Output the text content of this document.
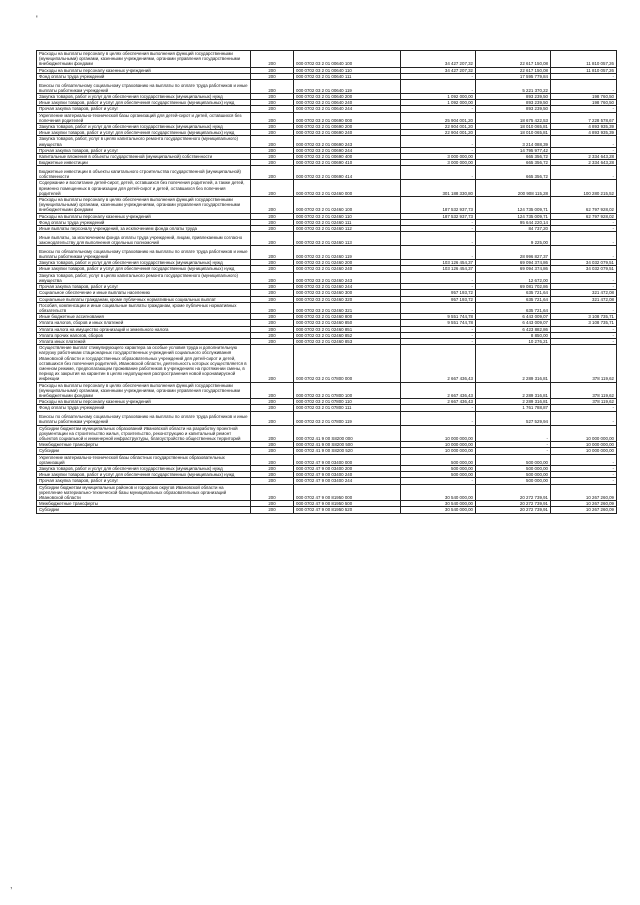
'
,
Расходы на выплаты персоналу в целях обеспечения выполнения функций государственными (муниципальными) органами, казенными учреждениями, органами управления государственными внебюджетными фондами	200	000 0702 03 2 01 00640 100	34 427 207,32	22 617 150,08	11 810 057,26
Расходы на выплаты персоналу казенных учреждений	200	000 0702 03 2 01 00640 110	34 427 207,32	22 617 150,08	11 810 057,26
Фонд оплаты труда учреждений	200	000 0702 03 2 01 00640 111	-	17 595 779,84	-
Взносы по обязательному социальному страхованию на выплаты по оплате труда работников и иные выплаты работникам учреждений	200	000 0702 03 2 01 00640 119	-	5 221 370,22	-
Закупка товаров, работ и услуг для обеспечения государственных (муниципальных) нужд	200	000 0702 03 2 01 00640 200	1 092 000,00	893 239,50	198 760,50
Иные закупки товаров, работ и услуг для обеспечения государственных (муниципальных) нужд	200	000 0702 03 2 01 00640 240	1 092 000,00	893 239,50	198 760,50
Прочая закупка товаров, работ и услуг	200	000 0702 03 2 01 00640 244	-	893 239,50	-
Укрепление материально-технической базы организаций для детей-сирот и детей, оставшихся без попечения родителей	200	000 0702 03 2 01 00690 000	25 904 001,20	18 675 422,53	7 228 578,67
Закупка товаров, работ и услуг для обеспечения государственных (муниципальных) нужд	200	000 0702 03 2 01 00690 200	22 904 001,20	18 010 065,81	4 893 935,39
Иные закупки товаров, работ и услуг для обеспечения государственных (муниципальных) нужд	200	000 0702 03 2 01 00690 240	22 904 001,20	18 010 065,81	4 893 935,39
Закупка товаров, работ, услуг в целях капитального ремонта государственного (муниципального) имущества	200	000 0702 03 2 01 00690 243	-	3 214 088,39	-
Прочая закупка товаров, работ и услуг	200	000 0702 03 2 01 00690 244	-	14 795 977,42	-
Капитальные вложения в объекты государственной (муниципальной) собственности	200	000 0702 03 2 01 00690 400	3 000 000,00	665 356,72	2 334 643,28
Бюджетные инвестиции	200	000 0702 03 2 01 00690 410	3 000 000,00	665 356,72	2 334 643,28
Бюджетные инвестиции в объекты капитального строительства государственной (муниципальной) собственности	200	000 0702 03 2 01 00690 414	-	665 356,72	-
Содержание и воспитание детей-сирот, детей, оставшихся без попечения родителей, а также детей, временно помещенных в организации для детей-сирот и детей, оставшихся без попечения родителей	200	000 0702 03 2 01 02460 000	301 188 330,80	200 908 115,28	100 280 215,52
Расходы на выплаты персоналу в целях обеспечения выполнения функций государственными (муниципальными) органами, казенными учреждениями, органами управления государственными внебюджетными фондами	200	000 0702 03 2 01 02460 100	187 532 937,73	124 735 009,71	62 797 928,02
Расходы на выплаты персоналу казенных учреждений	200	000 0702 03 2 01 02460 110	187 532 937,73	124 735 009,71	62 797 928,02
Фонд оплаты труда учреждений	200	000 0702 03 2 01 02460 111	-	95 644 220,14	-
Иные выплаты персоналу учреждений, за исключением фонда оплаты труда	200	000 0702 03 2 01 02460 112	-	84 737,20	-
Иные выплаты, за исключением фонда оплаты труда учреждений, лицам, привлекаемым согласно законодательству для выполнения отдельных полномочий	200	000 0702 03 2 01 02460 113	-	9 225,00	-
Взносы по обязательному социальному страхованию на выплаты по оплате труда работников и иные выплаты работникам учреждений	200	000 0702 03 2 01 02460 119	-	28 996 827,37	-
Закупка товаров, работ и услуг для обеспечения государственных (муниципальных) нужд	200	000 0702 03 2 01 02460 200	103 126 454,37	69 094 374,86	34 032 079,51
Иные закупки товаров, работ и услуг для обеспечения государственных (муниципальных) нужд	200	000 0702 03 2 01 02460 240	103 126 454,37	69 094 374,86	34 032 079,51
Закупка товаров, работ, услуг в целях капитального ремонта государственного (муниципального) имущества	200	000 0702 03 2 01 02460 243	-	12 672,00	-
Прочая закупка товаров, работ и услуг	200	000 0702 03 2 01 02460 244	-	69 081 702,86	-
Социальное обеспечение и иные выплаты населению	200	000 0702 03 2 01 02460 300	957 193,72	635 721,64	321 472,08
Социальные выплаты гражданам, кроме публичных нормативных социальных выплат	200	000 0702 03 2 01 02460 320	957 193,72	635 721,64	321 472,08
Пособия, компенсации и иные социальные выплаты гражданам, кроме публичных нормативных обязательств	200	000 0702 03 2 01 02460 321	-	635 721,64	-
Иные бюджетные ассигнования	200	000 0702 03 2 01 02460 800	9 551 744,78	6 443 009,07	3 108 735,71
Уплата налогов, сборов и иных платежей	200	000 0702 03 2 01 02460 850	9 551 744,78	6 443 009,07	3 108 735,71
Уплата налога на имущество организаций и земельного налога	200	000 0702 03 2 01 02460 851	-	6 423 882,86	-
Уплата прочих налогов, сборов	200	000 0702 03 2 01 02460 852	-	8 850,00	-
Уплата иных платежей	200	000 0702 03 2 01 02460 853	-	10 276,21	-
Осуществление выплат стимулирующего характера за особые условия труда и дополнительную нагрузку работникам стационарных государственных учреждений социального обслуживания Ивановской области и государственных образовательных учреждений для детей-сирот и детей, оставшихся без попечения родителей, Ивановской области, деятельность которых осуществляется в сменном режиме, предполагающем проживание работников в учреждениях на протяжении смены, в период их закрытия на карантин в целях недопущения распространения новой коронавирусной инфекции	200	000 0702 03 2 01 07800 000	2 667 436,43	2 289 316,81	378 119,62
Расходы на выплаты персоналу в целях обеспечения выполнения функций государственными (муниципальными) органами, казенными учреждениями, органами управления государственными внебюджетными фондами	200	000 0702 03 2 01 07800 100	2 667 436,43	2 289 316,81	378 119,62
Расходы на выплаты персоналу казенных учреждений	200	000 0702 03 2 01 07800 110	2 667 436,43	2 289 316,81	378 119,62
Фонд оплаты труда учреждений	200	000 0702 03 2 01 07800 111	-	1 761 788,87	-
Взносы по обязательному социальному страхованию на выплаты по оплате труда работников и иные выплаты работникам учреждений	200	000 0702 03 2 01 07800 119	-	527 529,94	-
Субсидии бюджетам муниципальных образований Ивановской области на разработку проектной документации на строительство жилья, строительство, реконструкцию и капитальный ремонт объектов социальной и инженерной инфраструктуры, благоустройство общественных территорий	200	000 0702 41 9 00 S8200 000	10 000 000,00	-	10 000 000,00
Межбюджетные трансферты	200	000 0702 41 9 00 S8200 500	10 000 000,00	-	10 000 000,00
Субсидии	200	000 0702 41 9 00 S8200 520	10 000 000,00	-	10 000 000,00
Укрепление материально-технической базы областных государственных образовательных организаций	200	000 0702 47 9 00 03400 000	500 000,00	500 000,00	-
Закупка товаров, работ и услуг для обеспечения государственных (муниципальных) нужд	200	000 0702 47 9 00 03400 200	500 000,00	500 000,00	-
Иные закупки товаров, работ и услуг для обеспечения государственных (муниципальных) нужд	200	000 0702 47 9 00 03400 240	500 000,00	500 000,00	-
Прочая закупка товаров, работ и услуг	200	000 0702 47 9 00 03400 244	-	500 000,00	-
Субсидии бюджетам муниципальных районов и городских округов Ивановской области на укрепление материально-технической базы муниципальных образовательных организаций Ивановской области	200	000 0702 47 9 00 81950 000	30 540 000,00	20 272 739,91	10 267 260,09
Межбюджетные трансферты	200	000 0702 47 9 00 81950 500	30 540 000,00	20 272 739,91	10 267 260,09
Субсидии	200	000 0702 47 9 00 81950 520	30 540 000,00	20 272 739,91	10 267 260,09
